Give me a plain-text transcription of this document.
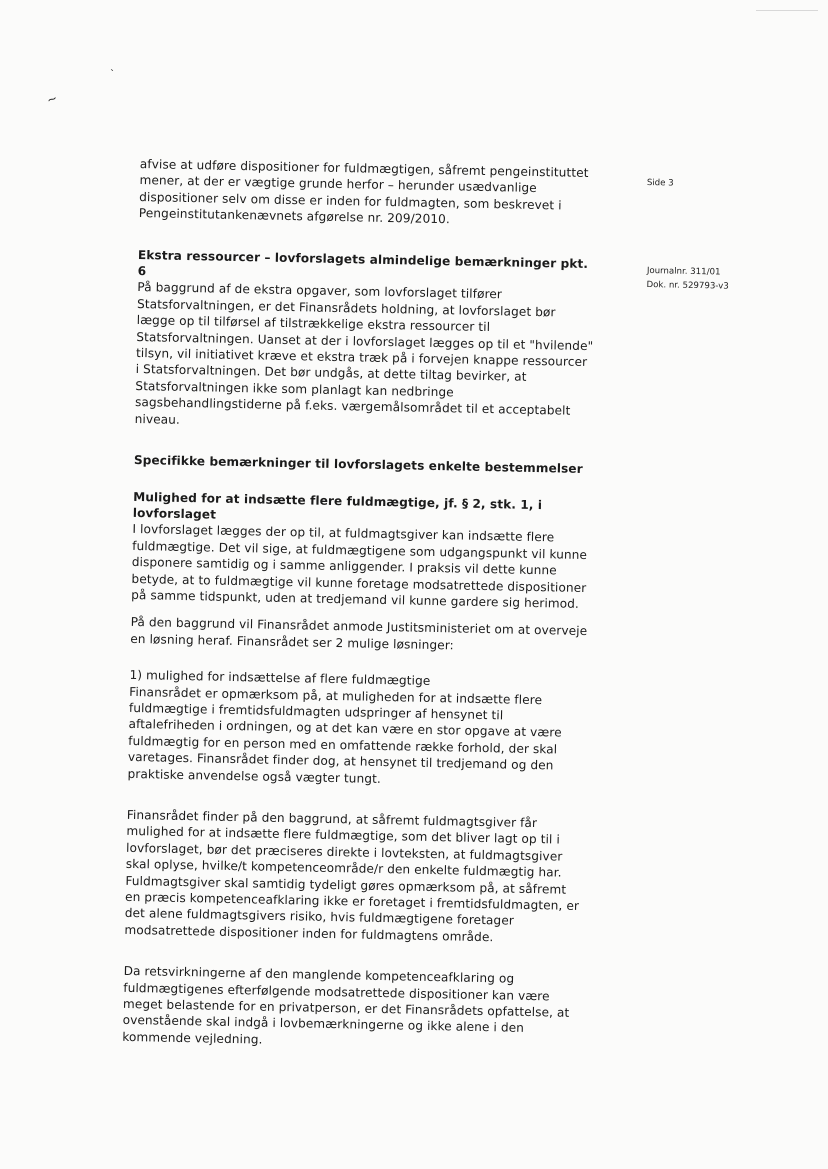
`
~

afvise at udføre dispositioner for fuldmægtigen, såfremt pengeinstituttet mener, at der er vægtige grunde herfor – herunder usædvanlige dispositioner selv om disse er inden for fuldmagten, som beskrevet i Pengeinstitutankenævnets afgørelse nr. 209/2010.

Ekstra ressourcer – lovforslagets almindelige bemærkninger pkt. 6

På baggrund af de ekstra opgaver, som lovforslaget tilfører Statsforvaltningen, er det Finansrådets holdning, at lovforslaget bør lægge op til tilførsel af tilstrækkelige ekstra ressourcer til Statsforvaltningen. Uanset at der i lovforslaget lægges op til et "hvilende" tilsyn, vil initiativet kræve et ekstra træk på i forvejen knappe ressourcer i Statsforvaltningen. Det bør undgås, at dette tiltag bevirker, at Statsforvaltningen ikke som planlagt kan nedbringe sagsbehandlingstiderne på f.eks. værgemålsområdet til et acceptabelt niveau.

Specifikke bemærkninger til lovforslagets enkelte bestemmelser

Mulighed for at indsætte flere fuldmægtige, jf. § 2, stk. 1, i lovforslaget

I lovforslaget lægges der op til, at fuldmagtsgiver kan indsætte flere fuldmægtige. Det vil sige, at fuldmægtigene som udgangspunkt vil kunne disponere samtidig og i samme anliggender. I praksis vil dette kunne betyde, at to fuldmægtige vil kunne foretage modsatrettede dispositioner på samme tidspunkt, uden at tredjemand vil kunne gardere sig herimod.

På den baggrund vil Finansrådet anmode Justitsministeriet om at overveje en løsning heraf. Finansrådet ser 2 mulige løsninger:

1) mulighed for indsættelse af flere fuldmægtige

Finansrådet er opmærksom på, at muligheden for at indsætte flere fuldmægtige i fremtidsfuldmagten udspringer af hensynet til aftalefriheden i ordningen, og at det kan være en stor opgave at være fuldmægtig for en person med en omfattende række forhold, der skal varetages. Finansrådet finder dog, at hensynet til tredjemand og den praktiske anvendelse også vægter tungt.

Finansrådet finder på den baggrund, at såfremt fuldmagtsgiver får mulighed for at indsætte flere fuldmægtige, som det bliver lagt op til i lovforslaget, bør det præciseres direkte i lovteksten, at fuldmagtsgiver skal oplyse, hvilke/t kompetenceområde/r den enkelte fuldmægtig har. Fuldmagtsgiver skal samtidig tydeligt gøres opmærksom på, at såfremt en præcis kompetenceafklaring ikke er foretaget i fremtidsfuldmagten, er det alene fuldmagtsgivers risiko, hvis fuldmægtigene foretager modsatrettede dispositioner inden for fuldmagtens område.

Da retsvirkningerne af den manglende kompetenceafklaring og fuldmægtigenes efterfølgende modsatrettede dispositioner kan være meget belastende for en privatperson, er det Finansrådets opfattelse, at ovenstående skal indgå i lovbemærkningerne og ikke alene i den kommende vejledning.

Side 3
Journalnr. 311/01
Dok. nr. 529793-v3
